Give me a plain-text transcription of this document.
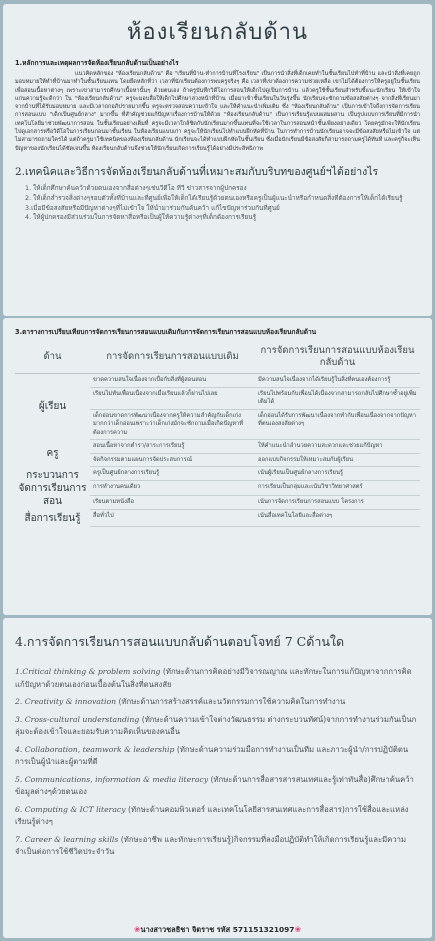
ห้องเรียนกลับด้าน

1.หลักการและเหตุผลการจัดห้องเรียนกลับด้านเป็นอย่างไร

แนวคิดหลักของ "ห้องเรียนกลับด้าน" คือ "เรียนที่บ้าน-ทำการบ้านที่โรงเรียน" เป็นการนำสิ่งที่เด็กเคยทำในชั้นเรียนไปทำที่บ้าน และนำสิ่งที่เคยถูกมอบหมายให้ทำที่บ้านมาทำในชั้นเรียนแทน โดยยึดหลักที่ว่า เวลาที่นักเรียนต้องการพบครูจริงๆ คือ เวลาที่เขาต้องการความช่วยเหลือ เขาไม่ได้ต้องการให้ครูอยู่ในชั้นเรียนเพื่อสอนเนื้อหาต่างๆ เพราะเขาสามารถศึกษาเนื้อหานั้นๆ ด้วยตนเอง ถ้าครูบันทึกวิดีโอการสอนให้เด็กไปดูเป็นการบ้าน แล้วครูใช้ชั้นเรียนสำหรับชี้แนะนักเรียน ให้เข้าใจแก่นความรู้จะดีกว่า ใน "ห้องเรียนกลับด้าน" ครูจะมอบสื่อให้เด็กไปศึกษาล่วงหน้าที่บ้าน เมื่อมาเข้าชั้นเรียนในวันรุ่งขึ้น นักเรียนจะซักถามข้อสงสัยต่างๆ จากสิ่งที่เรียนมาจากบ้านที่ได้รับมอบหมาย และมีเวลาถกอภิปรายมากขึ้น ครูจะตรวจสอบความเข้าใจ และให้คำแนะนำเพิ่มเติม ซึ่ง "ห้องเรียนกลับด้าน" เป็นการเข้าใจถึงการจัดการเรียนการสอนแบบ "เด็กเป็นศูนย์กลาง" มากขึ้น ที่สำคัญช่วยแก้ปัญหาเรื่องการบ้านให้ด้วย "ห้องเรียนกลับด้าน" เป็นการเรียนรู้แบบผสมผสาน เป็นรูปแบบการเรียนที่มีการนำเทคโนโลยีมาช่วยพัฒนาการสอน ในชั้นเรียนอย่างเต็มที่ ครูจะมีเวลาใกล้ชิดกับนักเรียนมากขึ้นแทนที่จะใช้เวลาในการสอนหน้าชั้นเพียงอย่างเดียว โดยครูมักจะให้นักเรียนไปดูเอกสารหรือวิดีโอในการเรียนก่อนมาชั้นเรียน ในห้องเรียนแบบเก่า ครูจะให้นักเรียนไปทำแบบฝึกหัดที่บ้าน ในการทำการบ้านนักเรียนอาจจะมีข้อสงสัยหรือไม่เข้าใจ แต่ไม่สามารถถามใครได้ แต่ถ้าครูมาใช้เทคนิคของห้องเรียนกลับด้าน นักเรียนจะได้ทำแบบฝึกหัดในชั้นเรียน ซึ่งเมื่อนักเรียนมีข้อสงสัยก็สามารถถามครูได้ทันที และครูก็จะเห็นปัญหาของนักเรียนได้ชัดเจนขึ้น ห้องเรียนกลับด้านจึงช่วยให้นักเรียนเกิดการเรียนรู้ได้อย่างมีประสิทธิภาพ

2.เทคนิคและวิธีการจัดห้องเรียนกลับด้านที่เหมาะสมกับบริบทของศูนย์ฯได้อย่างไร

1. ให้เด็กศึกษาค้นคว้าด้วยตนเองจากสื่อต่างๆเช่นวีดีโอ ทีวี ข่าวสารจากผู้ปกครอง

2. ให้เด็กสำรวจสิ่งต่างๆรอบตัวทั้งที่บ้านและที่ศูนย์เพื่อให้เด็กได้เรียนรู้ด้วยตนเองหรือครูเป็นผู้แนะนำหรือกำหนดสิ่งที่ต้องการให้เด็กได้เรียนรู้

3.เมื่อมีข้อสงสัยหรือมีปัญหาต่างๆที่ไม่เข้าใจ ให้นำมาร่วมกันค้นคว้า แก้ไขปัญหาร่วมกันที่ศูนย์

4. ให้ผู้ปกครองมีส่วนร่วมในการจัดหาสื่อหรือเป็นผู้ให้ความรู้ต่างๆที่เด็กต้องการเรียนรู้

3.ตารางการเปรียบเทียบการจัดการเรียนการสอนแบบเดิมกับการจัดการเรียนการสอนแบบห้องเรียนกลับด้าน
ด้าน	การจัดการเรียนการสอนแบบเดิม	การจัดการเรียนการสอนแบบห้องเรียนกลับด้าน
ผู้เรียน	ขาดความสนใจเนื่องจากเบื่อกับสิ่งที่ผู้สอนสอน	มีความสนใจเนื่องจากได้เรียนรู้ในสิ่งที่ตนเองต้องการรู้
	เรียนไม่ทันเพื่อนเนื่องจากเมื่อเรียนแล้วก็ผ่านไปเลย	เรียนไปพร้อมกับเพื่อนได้เนื่องจากสามารถกลับไปศึกษาซ้ำอยู่เพิ่มเติมได้
	เด็กอ่อนขาดการพัฒนาเนื่องจากครูให้ความสำคัญกับเด็กเก่งมากกว่าเด็กอ่อนเพราะว่าเด็กเก่งมักจะซักถามเมื่อเกิดปัญหาที่ต้องการความ	เด็กอ่อนได้รับการพัฒนาเนื่องจากทำกับเพื่อนเนื่องจากจากปัญหาที่ตนเองสงสัยต่างๆ
ครู	สอนเนื้อหาจากตำรา/สาระการเรียนรู้	ให้คำแนะนำอำนวยความสะดวกและช่วยแก้ปัญหา
	จัดกิจกรรมตามแผนการจัดประสบการณ์	ออกแบบกิจกรรมให้เหมาะสมกับผู้เรียน
กระบวนการจัดการเรียนการสอน	ครูเป็นศูนย์กลางการเรียนรู้	เน้นผู้เรียนเป็นศูนย์กลางการเรียนรู้
	การทำงานคนเดียว	การเรียนเป็นกลุ่มและเน้นวิชาวิทยาศาสตร์
	เรียนตามหนังสือ	เน้นการจัดการเรียนการสอนแบบ โครงการ
สื่อการเรียนรู้	สื่อทั่วไป	เน้นสื่อเทคโนโลยีและสื่อต่างๆ
4.การจัดการเรียนการสอนแบบกลับด้านตอบโจทย์ 7 Cด้านใด

1.Critical thinking & problem solving (ทักษะด้านการคิดอย่างมีวิจารณญาณ และทักษะในการแก้ปัญหาจากการคิดแก้ปัญหาด้วยตนเองก่อนเบื้องต้นในสิ่งที่ตนสงสัย

2. Creativity & innovation (ทักษะด้านการสร้างสรรค์และนวัตกรรมการใช้ความคิดในการทำงาน

3. Cross-cultural understanding (ทักษะด้านความเข้าใจต่างวัฒนธรรม ต่างกระบวนทัศน์)จากการทำงานร่วมกันเป็นกลุ่มจะต้องเข้าใจและยอมรับความคิดเห็นของคนอื่น

4. Collaboration, teamwork & leadership (ทักษะด้านความร่วมมือการทำงานเป็นทีม และภาวะผู้นำ/การปฏิบัติตนการเป็นผู้นำและผู้ตามที่ดี

5. Communications, information & media literacy (ทักษะด้านการสื่อสารสารสนเทศและรู้เท่าทันสื่อ)ศึกษาค้นคว้าข้อมูลต่างๆด้วยตนเอง

6. Computing & ICT literacy (ทักษะด้านคอมพิวเตอร์ และเทคโนโลยีสารสนเทศและการสื่อสาร)การใช้สื่อและแหล่งเรียนรู้ต่างๆ

7. Career & learning skills (ทักษะอาชีพ และทักษะการเรียนรู้)กิจกรรมที่ลงมือปฏิบัติทำให้เกิดการเรียนรู้และมีความจำเป็นต่อการใช้ชีวิตประจำวัน

❀นางสาวชลธิชา จิตราช รหัส 571151321097❀
